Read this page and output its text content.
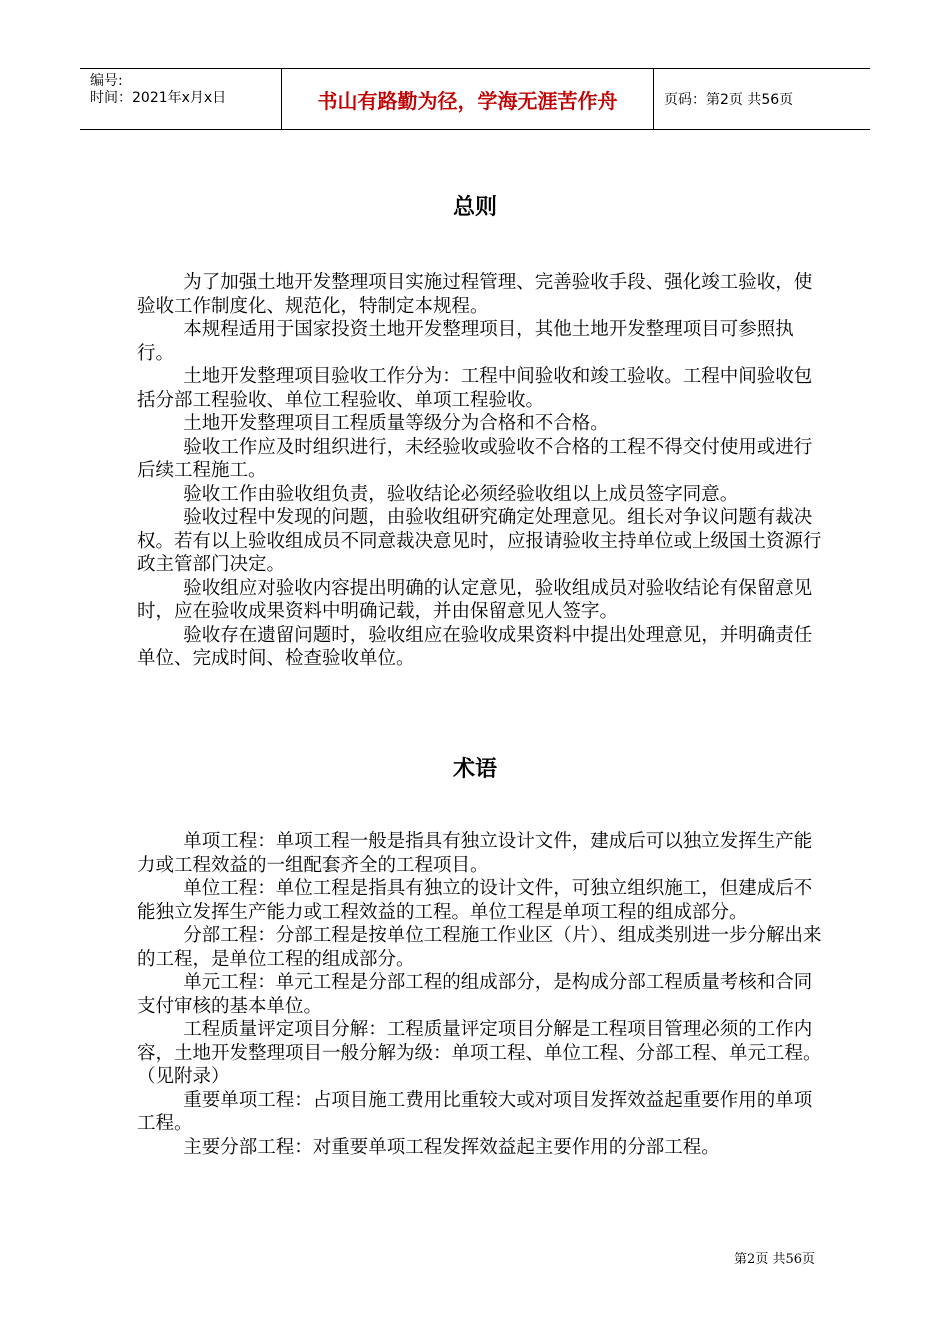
编号:
时间：2021年x月x日	书山有路勤为径，学海无涯苦作舟	页码：第2页 共56页
总则

为了加强土地开发整理项目实施过程管理、完善验收手段、强化竣工验收，使验收工作制度化、规范化，特制定本规程。

本规程适用于国家投资土地开发整理项目，其他土地开发整理项目可参照执行。

土地开发整理项目验收工作分为：工程中间验收和竣工验收。工程中间验收包括分部工程验收、单位工程验收、单项工程验收。

土地开发整理项目工程质量等级分为合格和不合格。

验收工作应及时组织进行，未经验收或验收不合格的工程不得交付使用或进行后续工程施工。

验收工作由验收组负责，验收结论必须经验收组以上成员签字同意。

验收过程中发现的问题，由验收组研究确定处理意见。组长对争议问题有裁决权。若有以上验收组成员不同意裁决意见时，应报请验收主持单位或上级国土资源行政主管部门决定。

验收组应对验收内容提出明确的认定意见，验收组成员对验收结论有保留意见时，应在验收成果资料中明确记载，并由保留意见人签字。

验收存在遗留问题时，验收组应在验收成果资料中提出处理意见，并明确责任单位、完成时间、检查验收单位。

术语

单项工程：单项工程一般是指具有独立设计文件，建成后可以独立发挥生产能力或工程效益的一组配套齐全的工程项目。

单位工程：单位工程是指具有独立的设计文件，可独立组织施工，但建成后不能独立发挥生产能力或工程效益的工程。单位工程是单项工程的组成部分。

分部工程：分部工程是按单位工程施工作业区（片）、组成类别进一步分解出来的工程，是单位工程的组成部分。

单元工程：单元工程是分部工程的组成部分，是构成分部工程质量考核和合同支付审核的基本单位。

工程质量评定项目分解：工程质量评定项目分解是工程项目管理必须的工作内容，土地开发整理项目一般分解为级：单项工程、单位工程、分部工程、单元工程。 （见附录）

重要单项工程：占项目施工费用比重较大或对项目发挥效益起重要作用的单项工程。

主要分部工程：对重要单项工程发挥效益起主要作用的分部工程。

第2页 共56页
